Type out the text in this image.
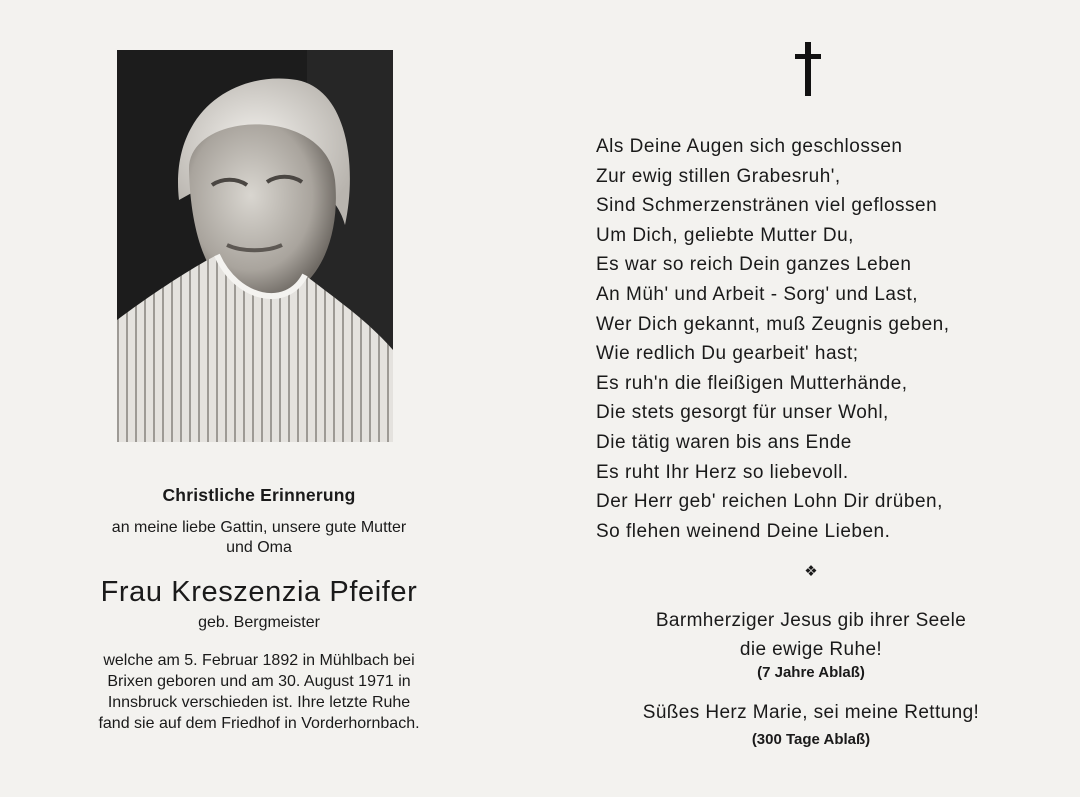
Christliche Erinnerung
an meine liebe Gattin, unsere gute Mutter
und Oma
Frau Kreszenzia Pfeifer
geb. Bergmeister
welche am 5. Februar 1892 in Mühlbach bei
Brixen geboren und am 30. August 1971 in
Innsbruck verschieden ist. Ihre letzte Ruhe
fand sie auf dem Friedhof in Vorderhornbach.
Als Deine Augen sich geschlossen
Zur ewig stillen Grabesruh',
Sind Schmerzenstränen viel geflossen
Um Dich, geliebte Mutter Du,
Es war so reich Dein ganzes Leben
An Müh' und Arbeit - Sorg' und Last,
Wer Dich gekannt, muß Zeugnis geben,
Wie redlich Du gearbeit' hast;
Es ruh'n die fleißigen Mutterhände,
Die stets gesorgt für unser Wohl,
Die tätig waren bis ans Ende
Es ruht Ihr Herz so liebevoll.
Der Herr geb' reichen Lohn Dir drüben,
So flehen weinend Deine Lieben.
❖
Barmherziger Jesus gib ihrer Seele
die ewige Ruhe!
(7 Jahre Ablaß)
Süßes Herz Marie, sei meine Rettung!
(300 Tage Ablaß)
